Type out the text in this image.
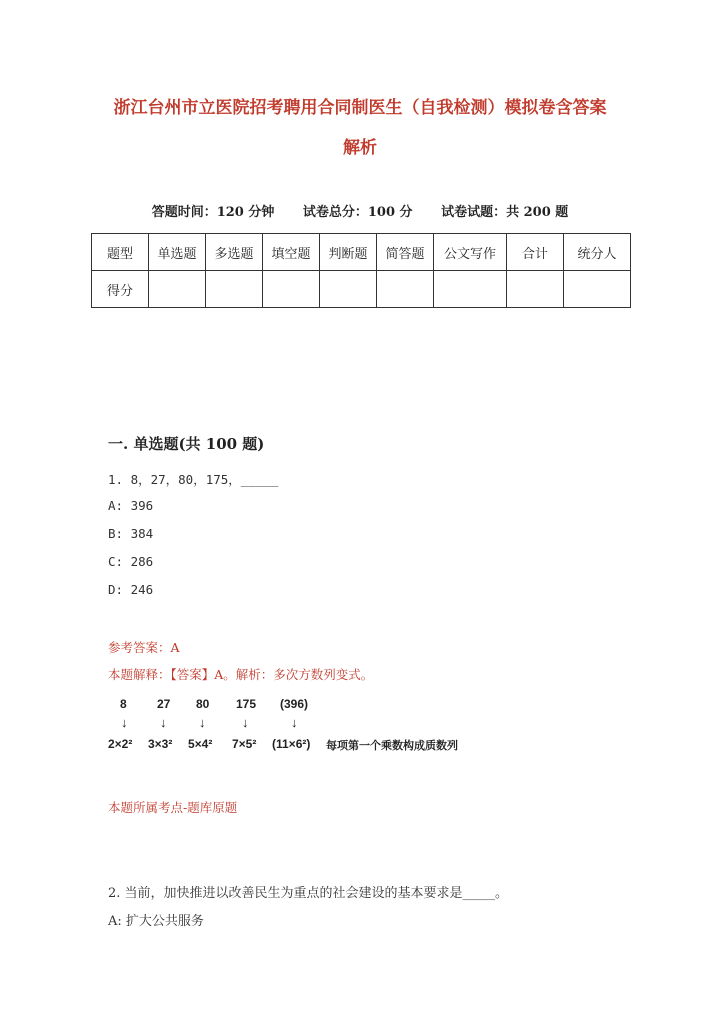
浙江台州市立医院招考聘用合同制医生（自我检测）模拟卷含答案
解析
答题时间：120 分钟 试卷总分：100 分 试卷试题：共 200 题
题型	单选题	多选题	填空题	判断题	简答题	公文写作	合计	统分人
得分								
一. 单选题(共 100 题)
1. 8，27，80，175，_____
A: 396
B: 384
C: 286
D: 246
参考答案：A
本题解释：【答案】A。解析：多次方数列变式。
8	27 80 175 (396)
↓	↓	↓	↓	↓
2×2² 3×3² 5×4² 7×5² (11×6²) 每项第一个乘数构成质数列
本题所属考点-题库原题
2. 当前，加快推进以改善民生为重点的社会建设的基本要求是_____。
A: 扩大公共服务
